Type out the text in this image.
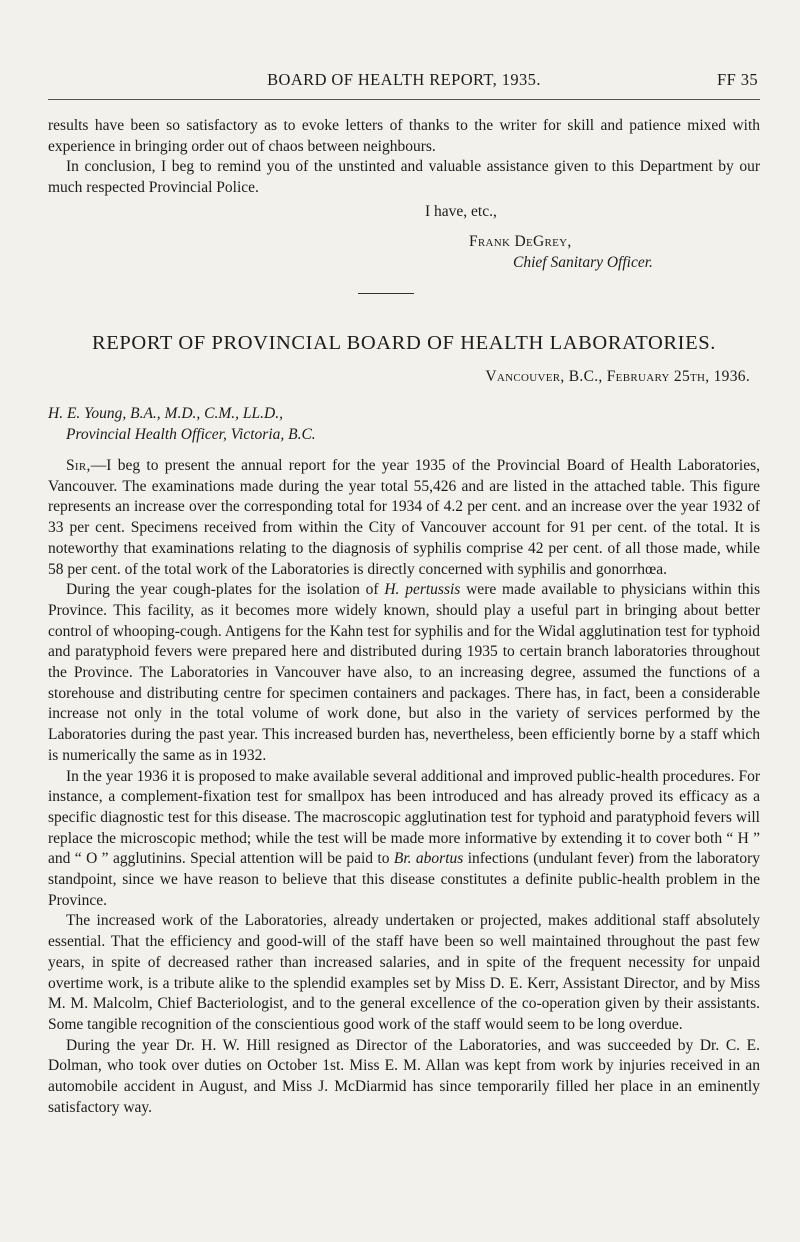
BOARD OF HEALTH REPORT, 1935.	FF 35

results have been so satisfactory as to evoke letters of thanks to the writer for skill and patience mixed with experience in bringing order out of chaos between neighbours.

In conclusion, I beg to remind you of the unstinted and valuable assistance given to this Department by our much respected Provincial Police.

I have, etc.,
Frank DeGrey,
Chief Sanitary Officer.
REPORT OF PROVINCIAL BOARD OF HEALTH LABORATORIES.
Vancouver, B.C., February 25th, 1936.
H. E. Young, B.A., M.D., C.M., LL.D.,
Provincial Health Officer, Victoria, B.C.

Sir,—I beg to present the annual report for the year 1935 of the Provincial Board of Health Laboratories, Vancouver. The examinations made during the year total 55,426 and are listed in the attached table. This figure represents an increase over the corresponding total for 1934 of 4.2 per cent. and an increase over the year 1932 of 33 per cent. Specimens received from within the City of Vancouver account for 91 per cent. of the total. It is noteworthy that examinations relating to the diagnosis of syphilis comprise 42 per cent. of all those made, while 58 per cent. of the total work of the Laboratories is directly concerned with syphilis and gonorrhœa.

During the year cough-plates for the isolation of H. pertussis were made available to physicians within this Province. This facility, as it becomes more widely known, should play a useful part in bringing about better control of whooping-cough. Antigens for the Kahn test for syphilis and for the Widal agglutination test for typhoid and paratyphoid fevers were prepared here and distributed during 1935 to certain branch laboratories throughout the Province. The Laboratories in Vancouver have also, to an increasing degree, assumed the functions of a storehouse and distributing centre for specimen containers and packages. There has, in fact, been a considerable increase not only in the total volume of work done, but also in the variety of services performed by the Laboratories during the past year. This increased burden has, nevertheless, been efficiently borne by a staff which is numerically the same as in 1932.

In the year 1936 it is proposed to make available several additional and improved public-health procedures. For instance, a complement-fixation test for smallpox has been introduced and has already proved its efficacy as a specific diagnostic test for this disease. The macroscopic agglutination test for typhoid and paratyphoid fevers will replace the microscopic method; while the test will be made more informative by extending it to cover both “ H ” and “ O ” agglutinins. Special attention will be paid to Br. abortus infections (undulant fever) from the laboratory standpoint, since we have reason to believe that this disease constitutes a definite public-health problem in the Province.

The increased work of the Laboratories, already undertaken or projected, makes additional staff absolutely essential. That the efficiency and good-will of the staff have been so well maintained throughout the past few years, in spite of decreased rather than increased salaries, and in spite of the frequent necessity for unpaid overtime work, is a tribute alike to the splendid examples set by Miss D. E. Kerr, Assistant Director, and by Miss M. M. Malcolm, Chief Bacteriologist, and to the general excellence of the co-operation given by their assistants. Some tangible recognition of the conscientious good work of the staff would seem to be long overdue.

During the year Dr. H. W. Hill resigned as Director of the Laboratories, and was succeeded by Dr. C. E. Dolman, who took over duties on October 1st. Miss E. M. Allan was kept from work by injuries received in an automobile accident in August, and Miss J. McDiarmid has since temporarily filled her place in an eminently satisfactory way.
